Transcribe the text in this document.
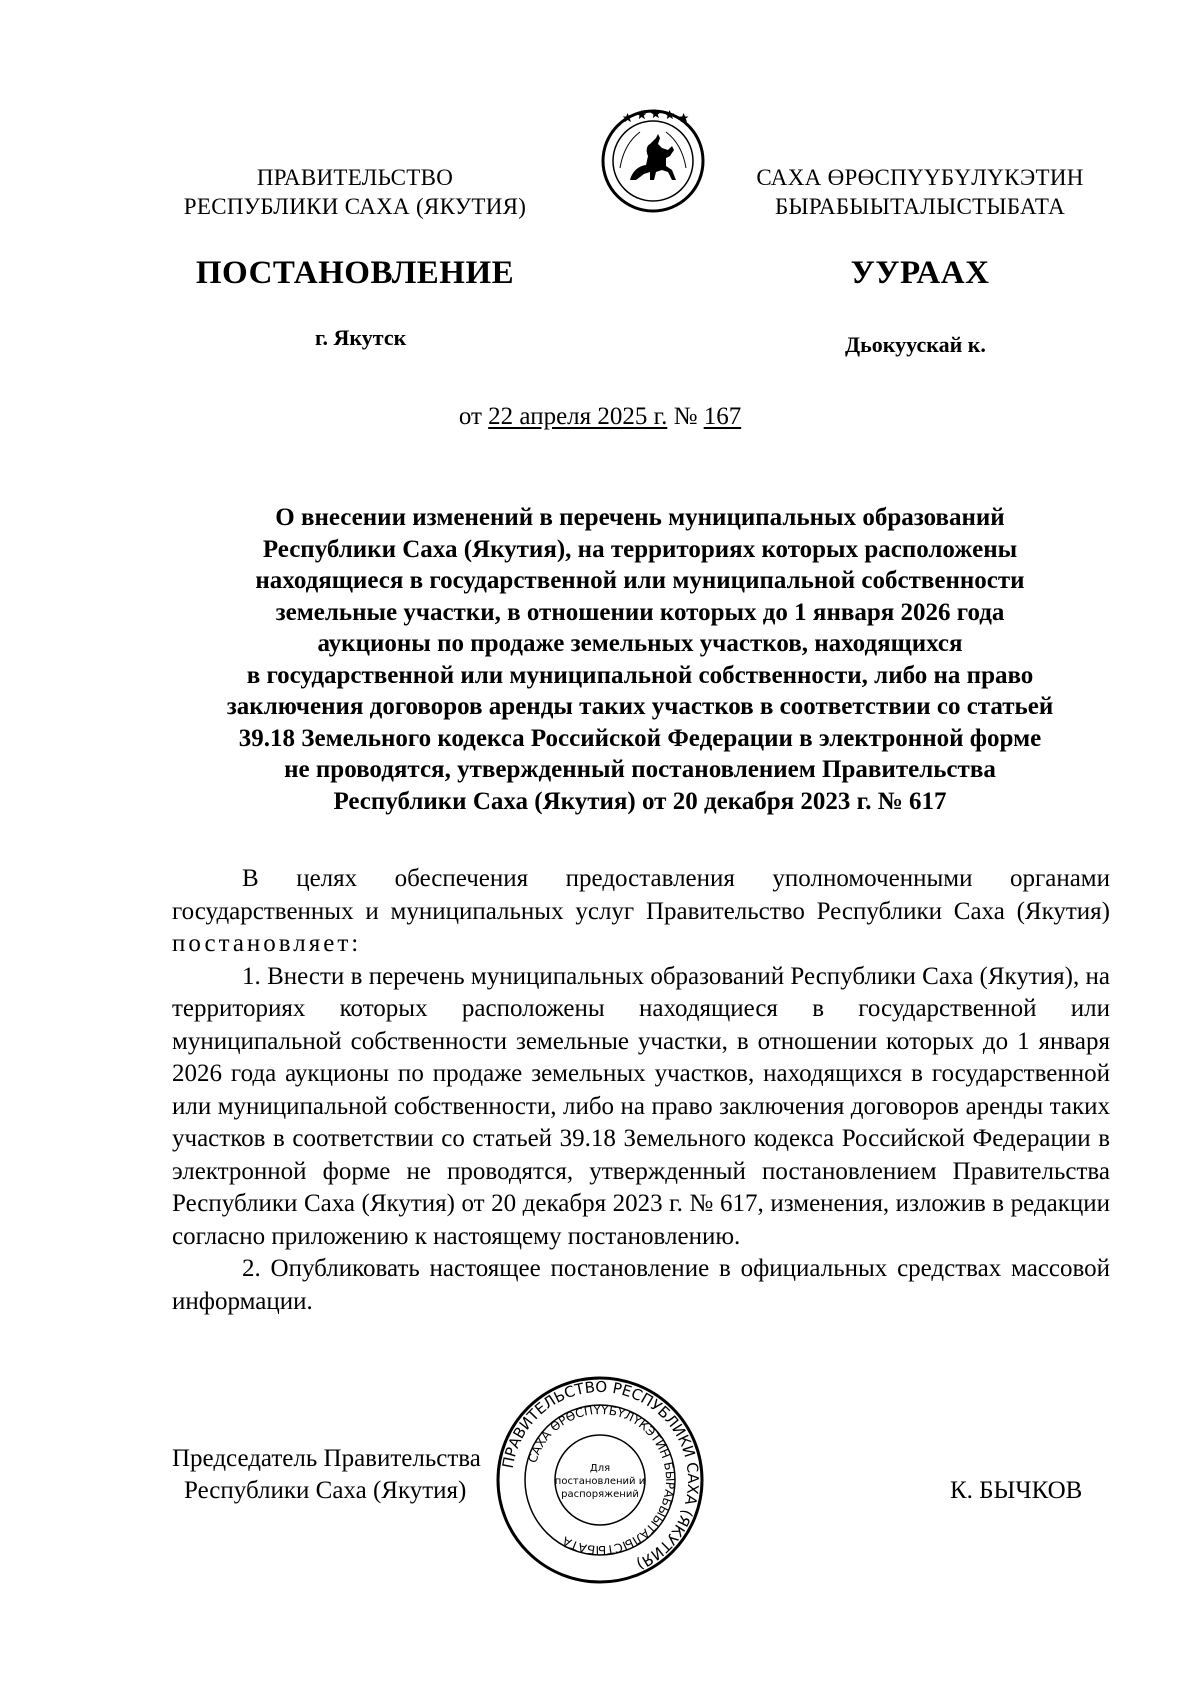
ПРАВИТЕЛЬСТВО
РЕСПУБЛИКИ САХА (ЯКУТИЯ)
САХА ӨРӨСПҮҮБҮЛҮКЭТИН
БЫРАБЫЫТАЛЫСТЫБАТА
ПОСТАНОВЛЕНИЕ	УУРААХ
г. Якутск	Дьокуускай к.
от 22 апреля 2025 г. № 167
О внесении изменений в перечень муниципальных образований
Республики Саха (Якутия), на территориях которых расположены
находящиеся в государственной или муниципальной собственности
земельные участки, в отношении которых до 1 января 2026 года
аукционы по продаже земельных участков, находящихся
в государственной или муниципальной собственности, либо на право
заключения договоров аренды таких участков в соответствии со статьей
39.18 Земельного кодекса Российской Федерации в электронной форме
не проводятся, утвержденный постановлением Правительства
Республики Саха (Якутия) от 20 декабря 2023 г. № 617

В целях обеспечения предоставления уполномоченными органами государственных и муниципальных услуг Правительство Республики Саха (Якутия) постановляет:

1. Внести в перечень муниципальных образований Республики Саха (Якутия), на территориях которых расположены находящиеся в государственной или муниципальной собственности земельные участки, в отношении которых до 1 января 2026 года аукционы по продаже земельных участков, находящихся в государственной или муниципальной собственности, либо на право заключения договоров аренды таких участков в соответствии со статьей 39.18 Земельного кодекса Российской Федерации в электронной форме не проводятся, утвержденный постановлением Правительства Республики Саха (Якутия) от 20 декабря 2023 г. № 617, изменения, изложив в редакции согласно приложению к настоящему постановлению.

2. Опубликовать настоящее постановление в официальных средствах массовой информации.

Председатель Правительства
Республики Саха (Якутия)	К. БЫЧКОВ
ПРАВИТЕЛЬСТВО РЕСПУБЛИКИ САХА (ЯКУТИЯ)
САХА ӨРӨСПҮҮБҮЛҮКЭТИН БЫРАБЫЫТАЛЫСТЫБАТА
Для
постановлений и
распоряжений
